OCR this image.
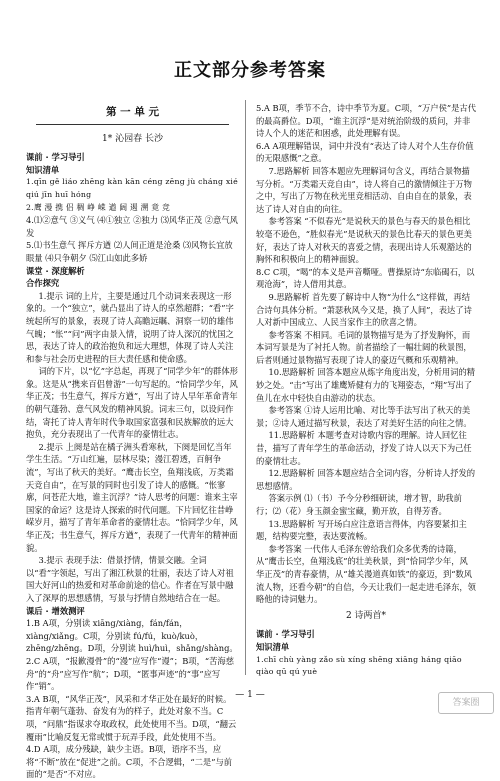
正文部分参考答案
第 一 单 元
1* 沁园春 长沙

课前 · 学习导引

知识清单

1.qīn gě liáo zhēng kàn kān céng zēng jù cháng xié qiú jīn huī hóng

2.鹰 漫 携 侣 稠 峥 嵘 遒 阔 遏 溯 竟 竞

4.⑴②意气 ③义气 ⑷①独立 ②独力 ⑶风华正茂 ②意气风发

5.⑴书生意气 挥斥方遒 ⑵人间正道是沧桑 ⑶风物长宜放眼量 ⑷只争朝夕 ⑸江山如此多娇

课堂 · 深度解析

合作探究

1.提示 词的上片，主要是通过几个动词来表现这一形象的。一个“独立”，就凸显出了诗人的卓然超群；“看”字统起所写的景象，表现了诗人高瞻远瞩、洞察一切的雄伟气魄；“怅”“问”两字由景入情，说明了诗人深沉的忧国之思，表达了诗人的政治抱负和远大理想，体现了诗人关注和参与社会历史进程的巨大责任感和使命感。

词的下片，以“忆”字总起，再现了“同学少年”的群体形象。这是从“携来百侣曾游”一句写起的。“恰同学少年，风华正茂；书生意气，挥斥方遒”，写出了诗人早年革命青年的朝气蓬勃、意气风发的精神风貌。词末三句，以设问作结，寄托了诗人青年时代争取国家富强和民族解放的远大抱负，充分表现出了一代青年的豪情壮志。

2.提示 上阕是站在橘子洲头看寒秋，下阕是回忆当年学生生活。“万山红遍，层林尽染；漫江碧透，百舸争流”，写出了秋天的美好。“鹰击长空，鱼翔浅底，万类霜天竞自由”，在写景的同时也引发了诗人的感慨。“怅寥廓，问苍茫大地，谁主沉浮？”诗人思考的问题：谁来主宰国家的命运？这是诗人探索的时代问题。下片回忆往昔峥嵘岁月，描写了青年革命者的豪情壮志。“恰同学少年，风华正茂；书生意气，挥斥方遒”，表现了一代青年的精神面貌。

3.提示 表现手法：借景抒情，情景交融。全词以“看”字领起，写出了湘江秋景的壮丽，表达了诗人对祖国大好河山的热爱和对革命前途的信心。作者在写景中融入了深厚的思想感情，写景与抒情自然地结合在一起。

课后 · 增效测评

1.B A项，分别读 xiāng/xiàng，fán/fán，xiàng/xiǎng。C项，分别读 fú/fú，kuò/kuò，zhēng/zhēng。D项，分别读 huì/huì，shǎng/shàng。

2.C A项，“报歉漫骨”的“漫”应写作“谩”；B项，“苦海慈舟”的“舟”应写作“航”；D项，“匿事声迹”的“事”应写作“销”。

3.A B项，“风华正茂”，风采和才华正处在最好的时候。指青年朝气蓬勃、奋发有为的样子，此处对象不当。C项，“问鼎”指谋求夺取政权，此处使用不当。D项，“翻云覆雨”比喻反复无常或惯于玩弄手段，此处使用不当。

4.D A项，成分残缺，缺少主语。B项，语序不当，应将“不断”放在“促进”之前。C项，不合逻辑，“二是”与前面的“是否”不对应。

5.A B项，季节不合，诗中季节为夏。C项，“万户侯”是古代的最高爵位。D项，“谁主沉浮”是对统治阶级的质问，并非诗人个人的迷茫和困惑，此处理解有误。

6.A A项理解错误，词中并没有“表达了诗人对个人生存价值的无限感慨”之意。

7.思路解析 回答本题应先理解词句含义，再结合景物描写分析。“万类霜天竞自由”，诗人将自己的激情倾注于万物之中，写出了万物在秋光里竞相活动、自由自在的景象，表达了诗人对自由的向往。

参考答案 “不似春光”是说秋天的景色与春天的景色相比较毫不逊色，“胜似春光”是说秋天的景色比春天的景色更美好，表达了诗人对秋天的喜爱之情，表现出诗人乐观豁达的胸怀和积极向上的精神面貌。

8.C C项，“喝”的本义是声音嘶哑。曹操原诗“东临碣石，以观沧海”，诗人借用其意。

9.思路解析 首先要了解诗中人物“为什么”这样做，再结合诗句具体分析。“萧瑟秋风今又是，换了人间”，表达了诗人对新中国成立、人民当家作主的欣喜之情。

参考答案 不相同。毛词的景物描写是为了抒发胸怀，而本词写景是为了衬托人物。前者描绘了一幅壮阔的秋景图，后者则通过景物描写表现了诗人的豪迈气概和乐观精神。

10.思路解析 回答本题应从炼字角度出发，分析用词的精妙之处。“击”写出了雄鹰矫健有力的飞翔姿态，“翔”写出了鱼儿在水中轻快自由游动的状态。

参考答案 ①诗人运用比喻、对比等手法写出了秋天的美景；②诗人通过描写秋景，表达了对美好生活的向往之情。

11.思路解析 本题考查对诗歌内容的理解。诗人回忆往昔，描写了青年学生的革命活动，抒发了诗人以天下为己任的豪情壮志。

12.思路解析 回答本题应结合全词内容，分析诗人抒发的思想感情。

答案示例 ⑴（书）予今分秒细研读，增才智，助我前行；⑵（花）身玉颜金蜜宝藏，勤开放，自得芳香。

13.思路解析 写开场白应注意语言得体，内容要紧扣主题，结构要完整，表达要流畅。

参考答案 一代伟人毛泽东曾给我们众多优秀的诗篇，从“鹰击长空，鱼翔浅底”的壮美秋景，到“恰同学少年，风华正茂”的青春豪情，从“雄关漫道真如铁”的豪迈，到“数风流人物，还看今朝”的自信，今天让我们一起走进毛泽东，领略他的诗词魅力。

2 诗两首*

课前 · 学习导引

知识清单

1.chī chù yàng zǎo sù xíng shēng xiāng háng qiāo qiào qū qú yuè

— 1 —
答案圈
